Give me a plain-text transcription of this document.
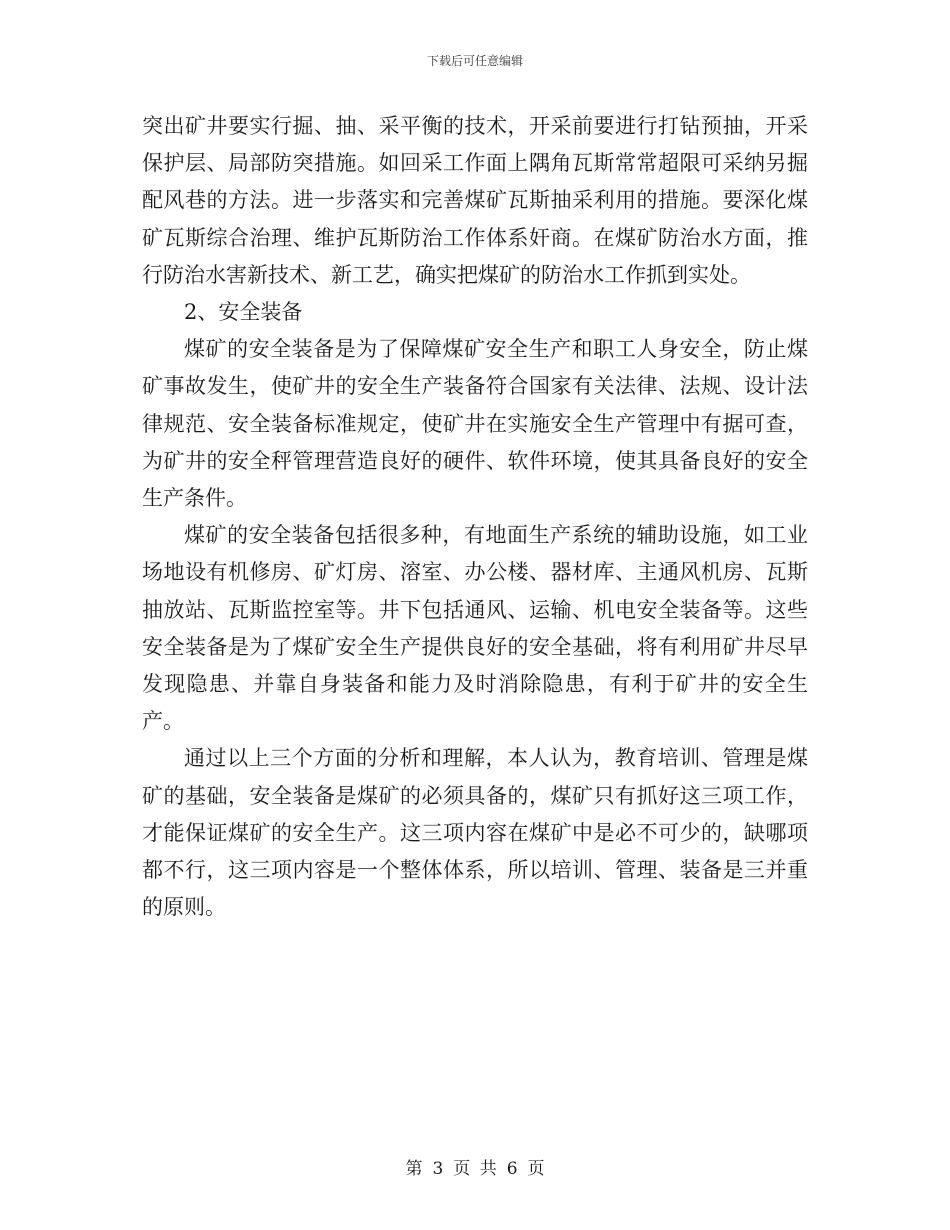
下载后可任意编辑

突出矿井要实行掘、抽、采平衡的技术，开采前要进行打钻预抽，开采保护层、局部防突措施。如回采工作面上隅角瓦斯常常超限可采纳另掘配风巷的方法。进一步落实和完善煤矿瓦斯抽采利用的措施。要深化煤矿瓦斯综合治理、维护瓦斯防治工作体系奸商。在煤矿防治水方面，推行防治水害新技术、新工艺，确实把煤矿的防治水工作抓到实处。

2、安全装备

煤矿的安全装备是为了保障煤矿安全生产和职工人身安全，防止煤矿事故发生，使矿井的安全生产装备符合国家有关法律、法规、设计法律规范、安全装备标准规定，使矿井在实施安全生产管理中有据可查，为矿井的安全秤管理营造良好的硬件、软件环境，使其具备良好的安全生产条件。

煤矿的安全装备包括很多种，有地面生产系统的辅助设施，如工业场地设有机修房、矿灯房、溶室、办公楼、器材库、主通风机房、瓦斯抽放站、瓦斯监控室等。井下包括通风、运输、机电安全装备等。这些安全装备是为了煤矿安全生产提供良好的安全基础，将有利用矿井尽早发现隐患、并靠自身装备和能力及时消除隐患，有利于矿井的安全生产。

通过以上三个方面的分析和理解，本人认为，教育培训、管理是煤矿的基础，安全装备是煤矿的必须具备的，煤矿只有抓好这三项工作，才能保证煤矿的安全生产。这三项内容在煤矿中是必不可少的，缺哪项都不行，这三项内容是一个整体体系，所以培训、管理、装备是三并重的原则。

第 3 页 共 6 页
